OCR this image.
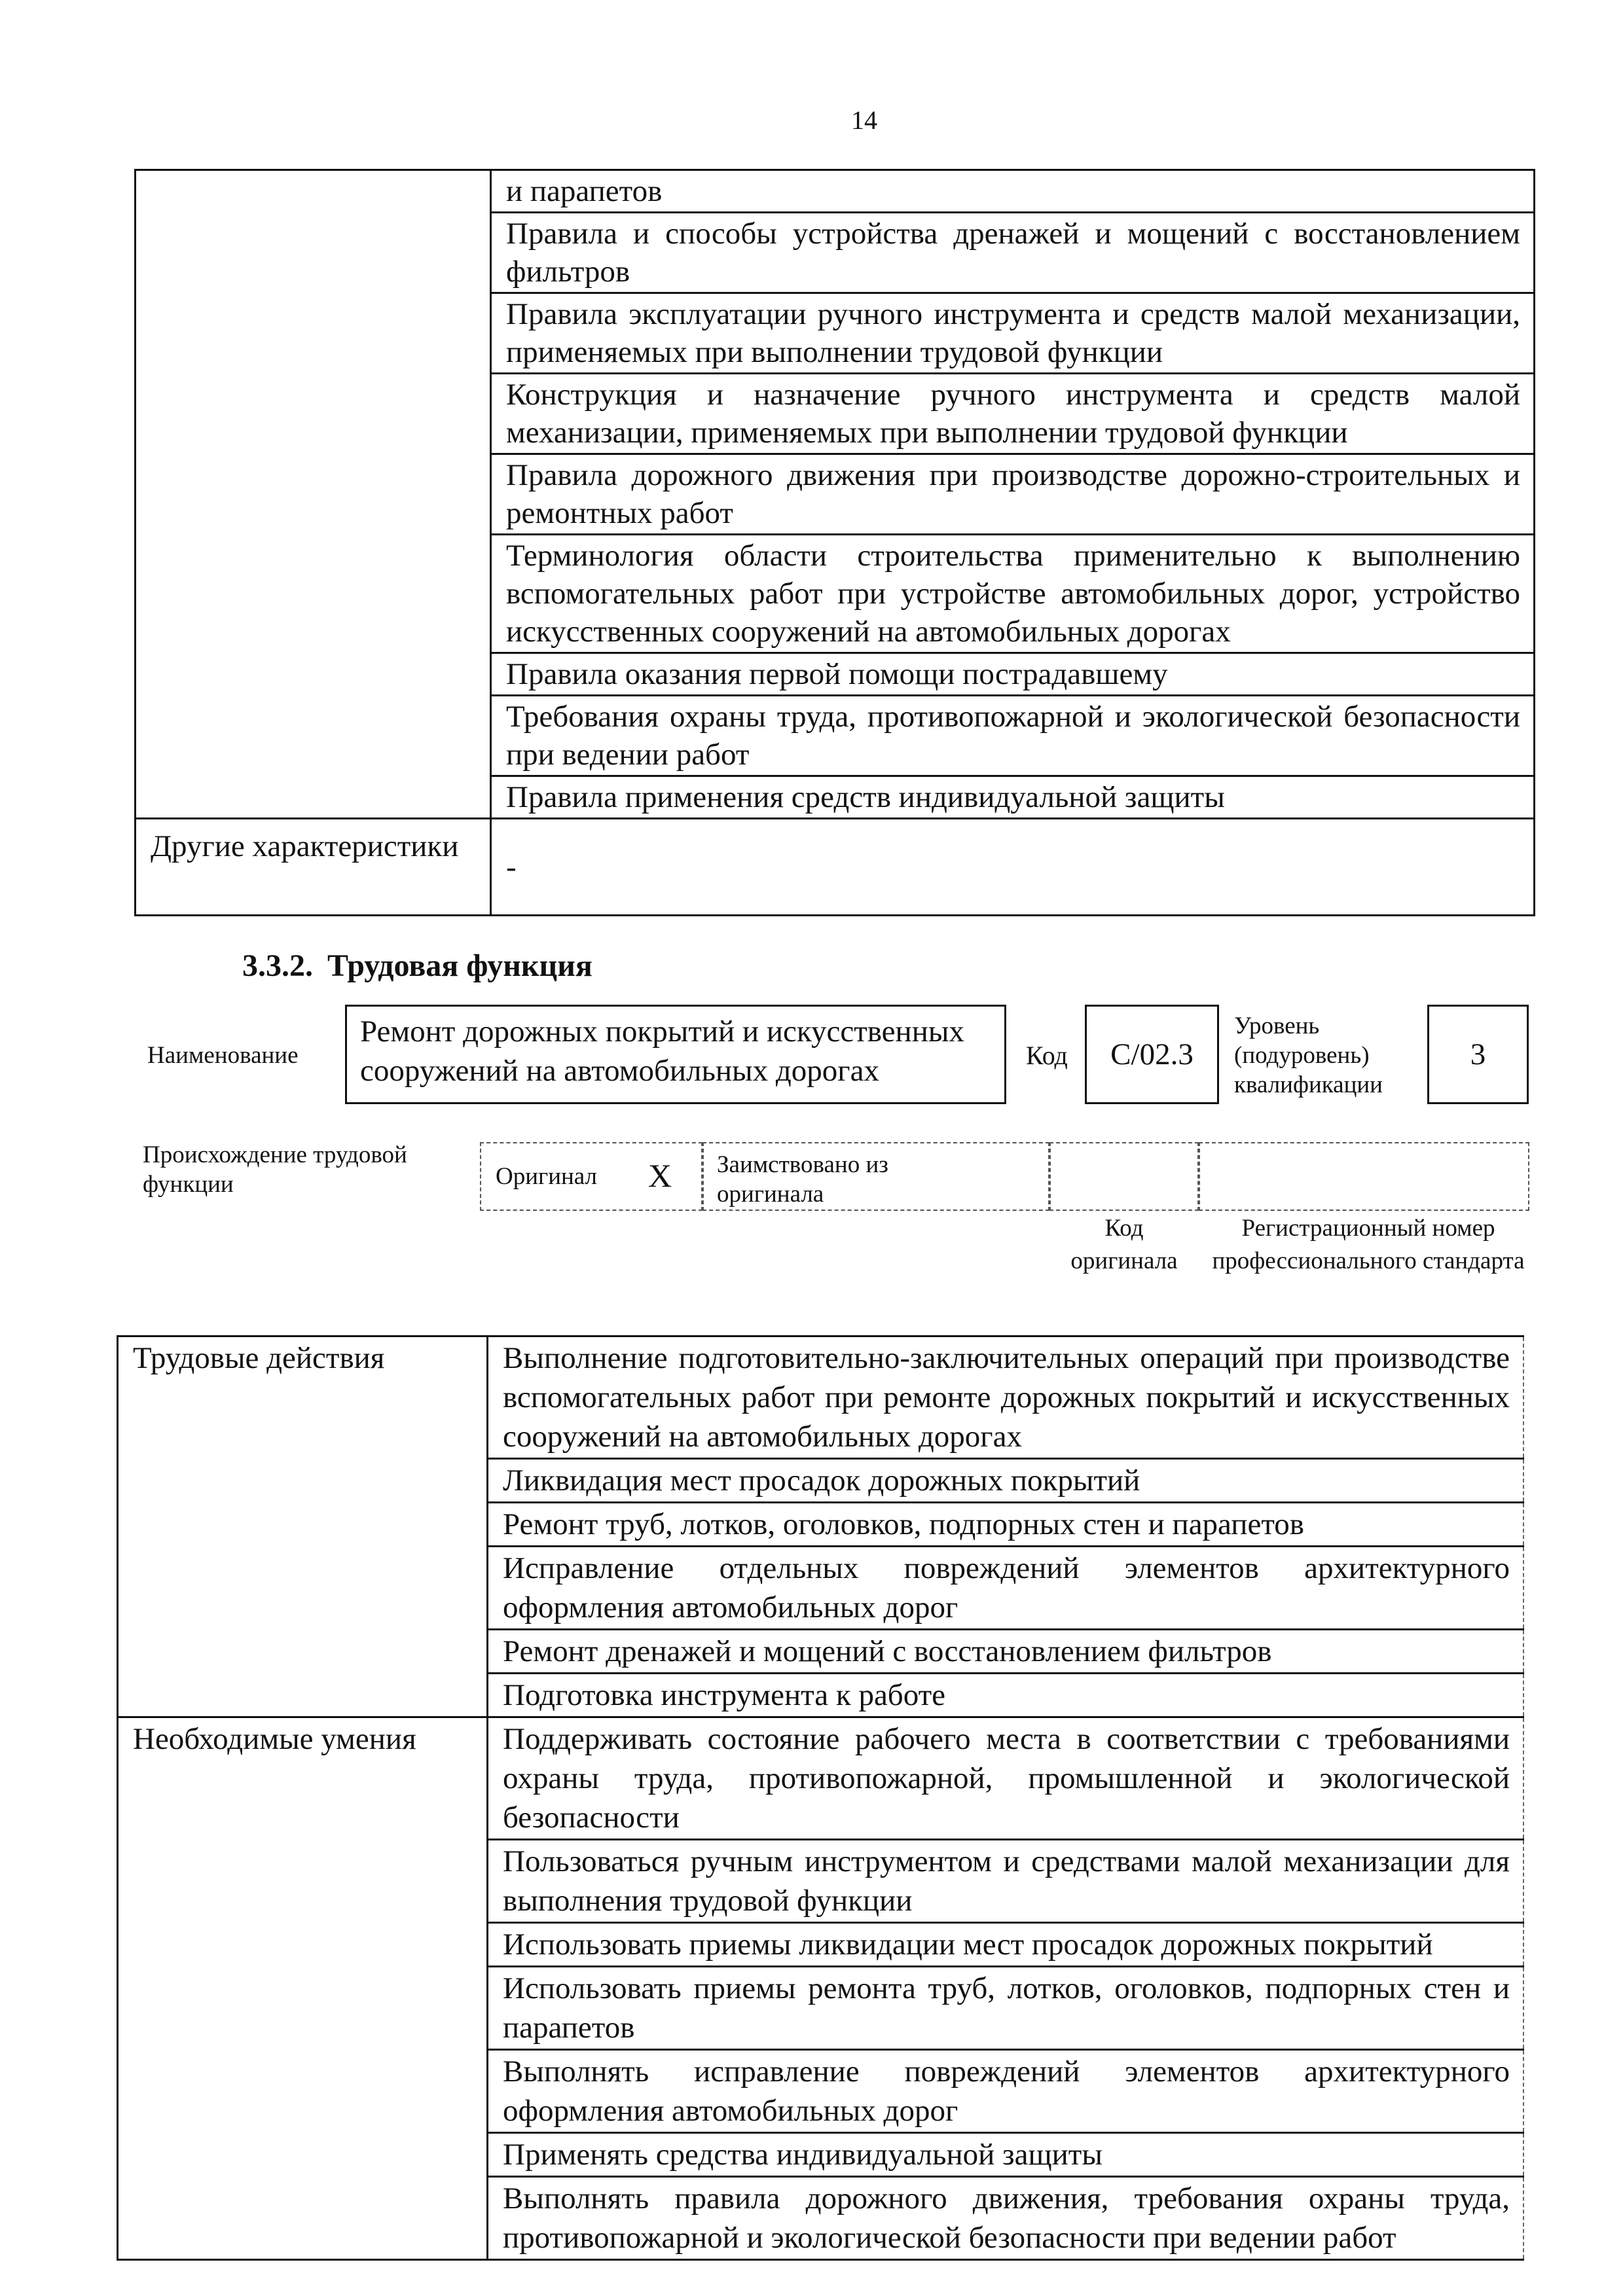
14
	и парапетов
	Правила и способы устройства дренажей и мощений с восстановлением фильтров
	Правила эксплуатации ручного инструмента и средств малой механизации, применяемых при выполнении трудовой функции
	Конструкция и назначение ручного инструмента и средств малой механизации, применяемых при выполнении трудовой функции
	Правила дорожного движения при производстве дорожно-строительных и ремонтных работ
	Терминология области строительства применительно к выполнению вспомогательных работ при устройстве автомобильных дорог, устройство искусственных сооружений на автомобильных дорогах
	Правила оказания первой помощи пострадавшему
	Требования охраны труда, противопожарной и экологической безопасности при ведении работ
	Правила применения средств индивидуальной защиты
Другие характеристики	-
3.3.2. Трудовая функция
Наименование
Ремонт дорожных покрытий и искусственных сооружений на автомобильных дорогах	Код C/02.3
Уровень (подуровень) квалификации
3
Происхождение трудовой функции	Оригинал X Заимствовано из оригинала
Код оригинала
Регистрационный номер профессионального стандарта
Трудовые действия	Выполнение подготовительно-заключительных операций при производстве вспомогательных работ при ремонте дорожных покрытий и искусственных сооружений на автомобильных дорогах
	Ликвидация мест просадок дорожных покрытий
	Ремонт труб, лотков, оголовков, подпорных стен и парапетов
	Исправление отдельных повреждений элементов архитектурного оформления автомобильных дорог
	Ремонт дренажей и мощений с восстановлением фильтров
	Подготовка инструмента к работе
Необходимые умения	Поддерживать состояние рабочего места в соответствии с требованиями охраны труда, противопожарной, промышленной и экологической безопасности
	Пользоваться ручным инструментом и средствами малой механизации для выполнения трудовой функции
	Использовать приемы ликвидации мест просадок дорожных покрытий
	Использовать приемы ремонта труб, лотков, оголовков, подпорных стен и парапетов
	Выполнять исправление повреждений элементов архитектурного оформления автомобильных дорог
	Применять средства индивидуальной защиты
	Выполнять правила дорожного движения, требования охраны труда, противопожарной и экологической безопасности при ведении работ
